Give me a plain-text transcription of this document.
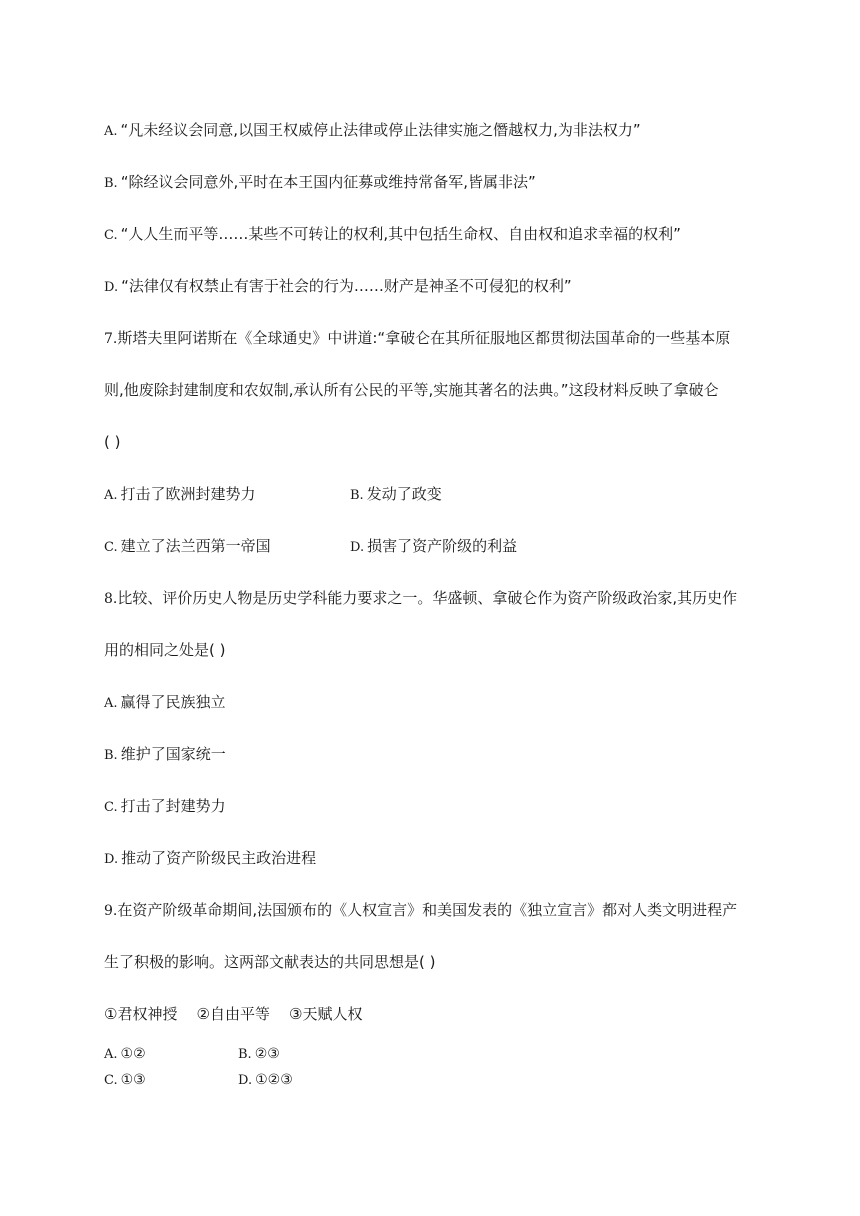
A. “凡未经议会同意,以国王权威停止法律或停止法律实施之僭越权力,为非法权力”
B. “除经议会同意外,平时在本王国内征募或维持常备军,皆属非法”
C. “人人生而平等……某些不可转让的权利,其中包括生命权、自由权和追求幸福的权利”
D. “法律仅有权禁止有害于社会的行为……财产是神圣不可侵犯的权利”
7.斯塔夫里阿诺斯在《全球通史》中讲道:“拿破仑在其所征服地区都贯彻法国革命的一些基本原
则,他废除封建制度和农奴制,承认所有公民的平等,实施其著名的法典。”这段材料反映了拿破仑
( )
A. 打击了欧洲封建势力	B. 发动了政变
C. 建立了法兰西第一帝国	D. 损害了资产阶级的利益
8.比较、评价历史人物是历史学科能力要求之一。华盛顿、拿破仑作为资产阶级政治家,其历史作
用的相同之处是( )
A. 赢得了民族独立
B. 维护了国家统一
C. 打击了封建势力
D. 推动了资产阶级民主政治进程
9.在资产阶级革命期间,法国颁布的《人权宣言》和美国发表的《独立宣言》都对人类文明进程产
生了积极的影响。这两部文献表达的共同思想是( )
①君权神授    ②自由平等    ③天赋人权
A. ①②	B. ②③
C. ①③	D. ①②③
